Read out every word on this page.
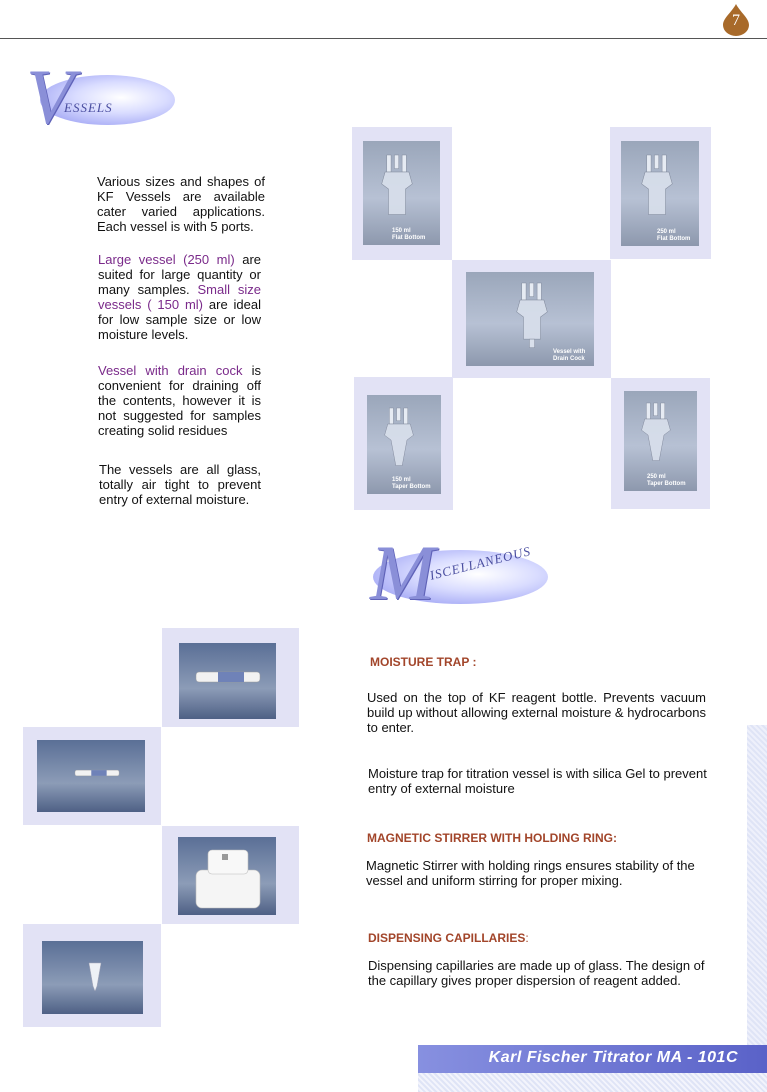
7
V
ESSELS
Various sizes and shapes of KF Vessels are available cater varied applications. Each vessel is with 5 ports.
Large vessel (250 ml) are suited for large quantity or many samples. Small size vessels ( 150 ml) are ideal for low sample size or low moisture levels.
Vessel with drain cock is convenient for draining off the contents, however it is not suggested for samples creating solid residues
The vessels are all glass, totally air tight to prevent entry of external moisture.
150 ml
Flat Bottom
250 ml
Flat Bottom
Vessel with
Drain Cock
150 ml
Taper Bottom
250 ml
Taper Bottom
M
ISCELLANEOUS
MOISTURE TRAP :
Used on the top of KF reagent bottle. Prevents vacuum build up without allowing external moisture & hydrocarbons to enter.
Moisture trap for titration vessel is with silica Gel to prevent entry of external moisture
MAGNETIC STIRRER WITH HOLDING RING:
Magnetic Stirrer with holding rings ensures stability of the vessel and uniform stirring for proper mixing.
DISPENSING CAPILLARIES:
Dispensing capillaries are made up of glass. The design of the capillary gives proper dispersion of reagent added.
Karl Fischer Titrator MA - 101C
